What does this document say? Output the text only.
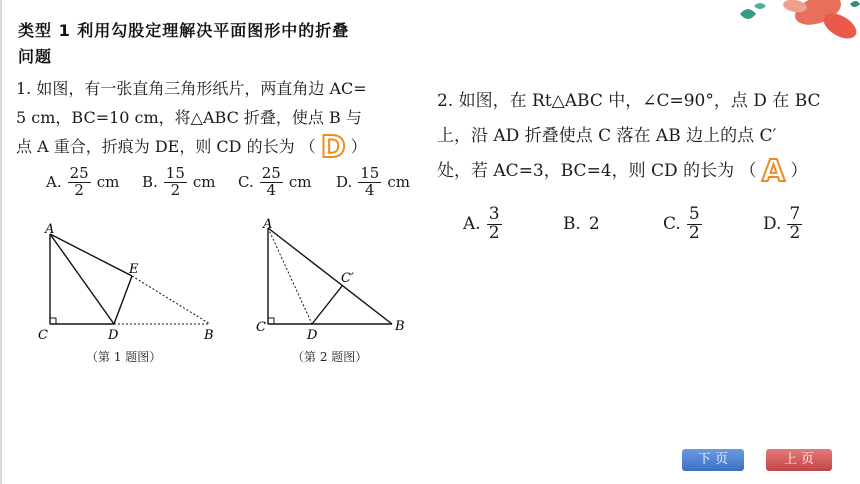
类型 1 利用勾股定理解决平面图形中的折叠
问题
1. 如图，有一张直角三角形纸片，两直角边 AC=
5 cm，BC=10 cm，将△ABC 折叠，使点 B 与
点 A 重合，折痕为 DE，则 CD 的长为 （ D ）
A. $\frac{25}{2}$ cm B. $\frac{15}{2}$ cm C. $\frac{25}{4}$ cm D. $\frac{15}{4}$ cm
A
C	D	B
E
（第 1 题图）
A
C
D
B
C′
（第 2 题图）
2. 如图，在 Rt△ABC 中，∠C=90°，点 D 在 BC
上，沿 AD 折叠使点 C 落在 AB 边上的点 C′
处，若 AC=3，BC=4，则 CD 的长为 （ A ）
A. $\frac{3}{2}$	B. 2	C. $\frac{5}{2}$	D. $\frac{7}{2}$
下 页	上 页
